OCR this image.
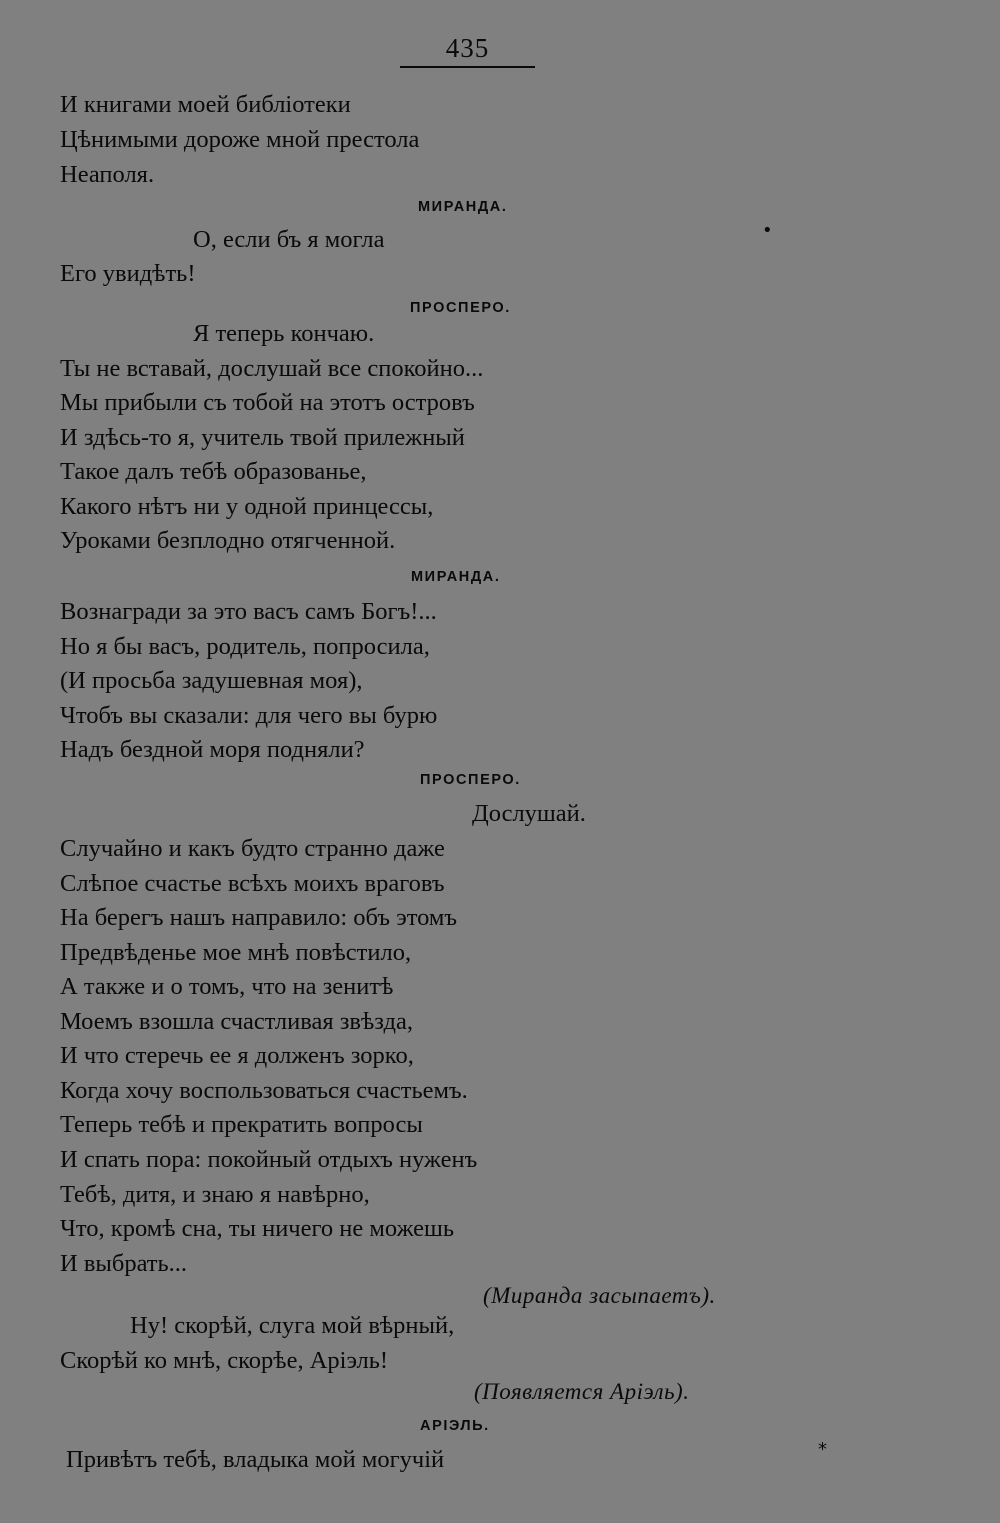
435
И книгами моей библіотеки
Цѣнимыми дороже мной престола
Неаполя.
МИРАНДА.
О, если бъ я могла
Его увидѣть!
ПРОСПЕРО.
Я теперь кончаю.
Ты не вставай, дослушай все спокойно...
Мы прибыли съ тобой на этотъ островъ
И здѣсь-то я, учитель твой прилежный
Такое далъ тебѣ образованье,
Какого нѣтъ ни у одной принцессы,
Уроками безплодно отягченной.
МИРАНДА.
Вознагради за это васъ самъ Богъ!...
Но я бы васъ, родитель, попросила,
(И просьба задушевная моя),
Чтобъ вы сказали: для чего вы бурю
Надъ бездной моря подняли?
ПРОСПЕРО.
Дослушай.
Случайно и какъ будто странно даже
Слѣпое счастье всѣхъ моихъ враговъ
На берегъ нашъ направило: объ этомъ
Предвѣденье мое мнѣ повѣстило,
А также и о томъ, что на зенитѣ
Моемъ взошла счастливая звѣзда,
И что стеречь ее я долженъ зорко,
Когда хочу воспользоваться счастьемъ.
Теперь тебѣ и прекратить вопросы
И спать пора: покойный отдыхъ нуженъ
Тебѣ, дитя, и знаю я навѣрно,
Что, кромѣ сна, ты ничего не можешь
И выбрать...
(Миранда засыпаетъ).
Ну! скорѣй, слуга мой вѣрный,
Скорѣй ко мнѣ, скорѣе, Аріэль!
(Появляется Аріэль).
АРІЭЛЬ.
Привѣтъ тебѣ, владыка мой могучій
•
*
